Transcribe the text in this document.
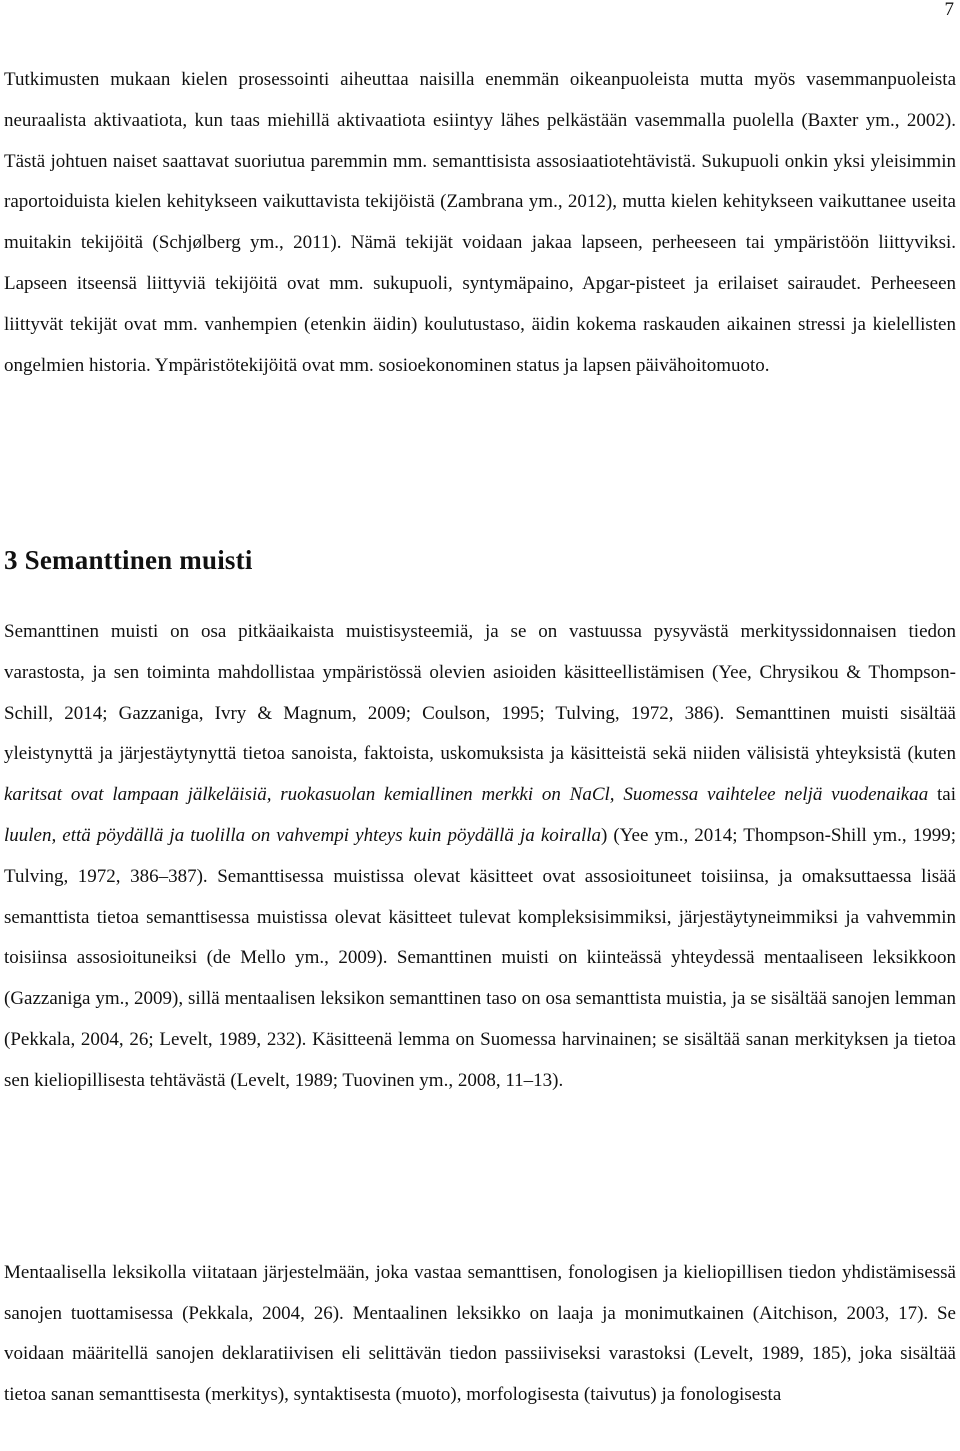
7

Tutkimusten mukaan kielen prosessointi aiheuttaa naisilla enemmän oikeanpuoleista mutta myös vasemmanpuoleista neuraalista aktivaatiota, kun taas miehillä aktivaatiota esiintyy lähes pelkästään vasemmalla puolella (Baxter ym., 2002). Tästä johtuen naiset saattavat suoriutua paremmin mm. semanttisista assosiaatiotehtävistä. Sukupuoli onkin yksi yleisimmin raportoiduista kielen kehitykseen vaikuttavista tekijöistä (Zambrana ym., 2012), mutta kielen kehitykseen vaikuttanee useita muitakin tekijöitä (Schjølberg ym., 2011). Nämä tekijät voidaan jakaa lapseen, perheeseen tai ympäristöön liittyviksi. Lapseen itseensä liittyviä tekijöitä ovat mm. sukupuoli, syntymäpaino, Apgar-pisteet ja erilaiset sairaudet. Perheeseen liittyvät tekijät ovat mm. vanhempien (etenkin äidin) koulutustaso, äidin kokema raskauden aikainen stressi ja kielellisten ongelmien historia. Ympäristötekijöitä ovat mm. sosioekonominen status ja lapsen päivähoitomuoto.

3 Semanttinen muisti

Semanttinen muisti on osa pitkäaikaista muistisysteemiä, ja se on vastuussa pysyvästä merkityssidonnaisen tiedon varastosta, ja sen toiminta mahdollistaa ympäristössä olevien asioiden käsitteellistämisen (Yee, Chrysikou & Thompson-Schill, 2014; Gazzaniga, Ivry & Magnum, 2009; Coulson, 1995; Tulving, 1972, 386). Semanttinen muisti sisältää yleistynyttä ja järjestäytynyttä tietoa sanoista, faktoista, uskomuksista ja käsitteistä sekä niiden välisistä yhteyksistä (kuten karitsat ovat lampaan jälkeläisiä, ruokasuolan kemiallinen merkki on NaCl, Suomessa vaihtelee neljä vuodenaikaa tai luulen, että pöydällä ja tuolilla on vahvempi yhteys kuin pöydällä ja koiralla) (Yee ym., 2014; Thompson-Shill ym., 1999; Tulving, 1972, 386–387). Semanttisessa muistissa olevat käsitteet ovat assosioituneet toisiinsa, ja omaksuttaessa lisää semanttista tietoa semanttisessa muistissa olevat käsitteet tulevat kompleksisimmiksi, järjestäytyneimmiksi ja vahvemmin toisiinsa assosioituneiksi (de Mello ym., 2009). Semanttinen muisti on kiinteässä yhteydessä mentaaliseen leksikkoon (Gazzaniga ym., 2009), sillä mentaalisen leksikon semanttinen taso on osa semanttista muistia, ja se sisältää sanojen lemman (Pekkala, 2004, 26; Levelt, 1989, 232). Käsitteenä lemma on Suomessa harvinainen; se sisältää sanan merkityksen ja tietoa sen kieliopillisesta tehtävästä (Levelt, 1989; Tuovinen ym., 2008, 11–13).

Mentaalisella leksikolla viitataan järjestelmään, joka vastaa semanttisen, fonologisen ja kieliopillisen tiedon yhdistämisessä sanojen tuottamisessa (Pekkala, 2004, 26). Mentaalinen leksikko on laaja ja monimutkainen (Aitchison, 2003, 17). Se voidaan määritellä sanojen deklaratiivisen eli selittävän tiedon passiiviseksi varastoksi (Levelt, 1989, 185), joka sisältää tietoa sanan semanttisesta (merkitys), syntaktisesta (muoto), morfologisesta (taivutus) ja fonologisesta
